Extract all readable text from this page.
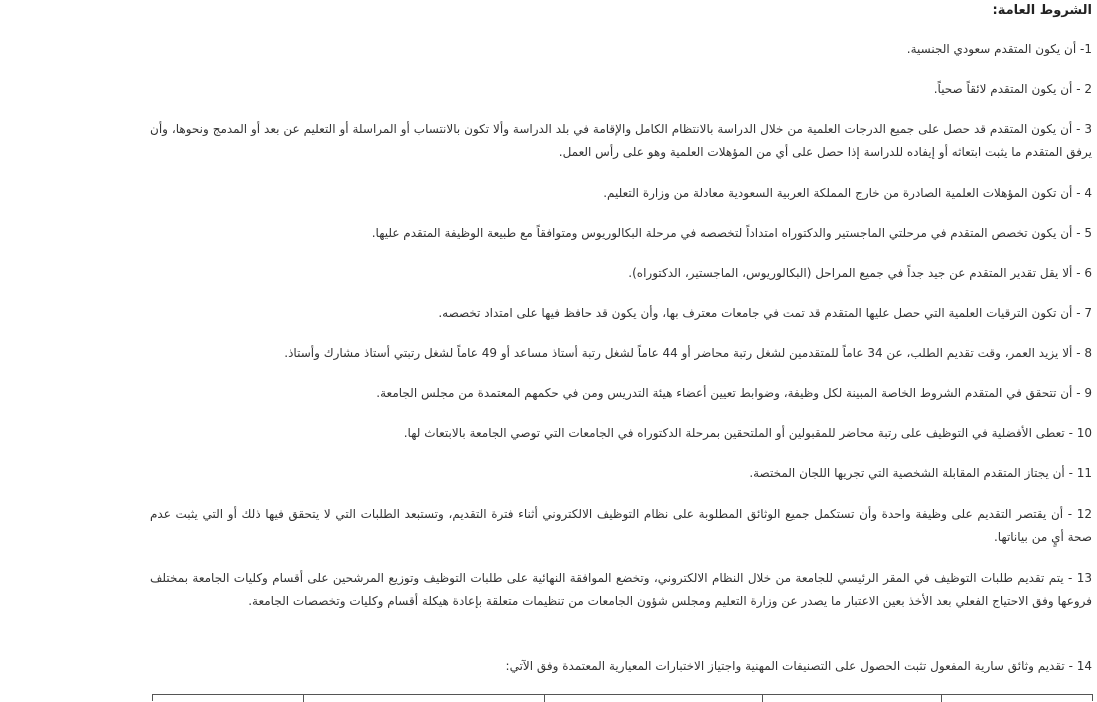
الشروط العامة:

1- أن يكون المتقدم سعودي الجنسية.

2 - أن يكون المتقدم لائقاً صحياً.

3 - أن يكون المتقدم قد حصل على جميع الدرجات العلمية من خلال الدراسة بالانتظام الكامل والإقامة في بلد الدراسة وألا تكون بالانتساب أو المراسلة أو التعليم عن بعد أو المدمج ونحوها، وأن يرفق المتقدم ما يثبت ابتعاثه أو إيفاده للدراسة إذا حصل على أي من المؤهلات العلمية وهو على رأس العمل.

4 - أن تكون المؤهلات العلمية الصادرة من خارج المملكة العربية السعودية معادلة من وزارة التعليم.

5 - أن يكون تخصص المتقدم في مرحلتي الماجستير والدكتوراه امتداداً لتخصصه في مرحلة البكالوريوس ومتوافقاً مع طبيعة الوظيفة المتقدم عليها.

6 - ألا يقل تقدير المتقدم عن جيد جداً في جميع المراحل (البكالوريوس، الماجستير، الدكتوراه).

7 - أن تكون الترقيات العلمية التي حصل عليها المتقدم قد تمت في جامعات معترف بها، وأن يكون قد حافظ فيها على امتداد تخصصه.

8 - ألا يزيد العمر، وقت تقديم الطلب، عن 34 عاماً للمتقدمين لشغل رتبة محاضر أو 44 عاماً لشغل رتبة أستاذ مساعد أو 49 عاماً لشغل رتبتي أستاذ مشارك وأستاذ.

9 - أن تتحقق في المتقدم الشروط الخاصة المبينة لكل وظيفة، وضوابط تعيين أعضاء هيئة التدريس ومن في حكمهم المعتمدة من مجلس الجامعة.

10 - تعطى الأفضلية في التوظيف على رتبة محاضر للمقبولين أو الملتحقين بمرحلة الدكتوراه في الجامعات التي توصي الجامعة بالابتعاث لها.

11 - أن يجتاز المتقدم المقابلة الشخصية التي تجريها اللجان المختصة.

12 - أن يقتصر التقديم على وظيفة واحدة وأن تستكمل جميع الوثائق المطلوبة على نظام التوظيف الالكتروني أثناء فترة التقديم، وتستبعد الطلبات التي لا يتحقق فيها ذلك أو التي يثبت عدم صحة أيٍ من بياناتها.

13 - يتم تقديم طلبات التوظيف في المقر الرئيسي للجامعة من خلال النظام الالكتروني، وتخضع الموافقة النهائية على طلبات التوظيف وتوزيع المرشحين على أقسام وكليات الجامعة بمختلف فروعها وفق الاحتياج الفعلي بعد الأخذ بعين الاعتبار ما يصدر عن وزارة التعليم ومجلس شؤون الجامعات من تنظيمات متعلقة بإعادة هيكلة أقسام وكليات وتخصصات الجامعة.

14 - تقديم وثائق سارية المفعول تثبت الحصول على التصنيفات المهنية واجتياز الاختبارات المعيارية المعتمدة وفق الآتي:
